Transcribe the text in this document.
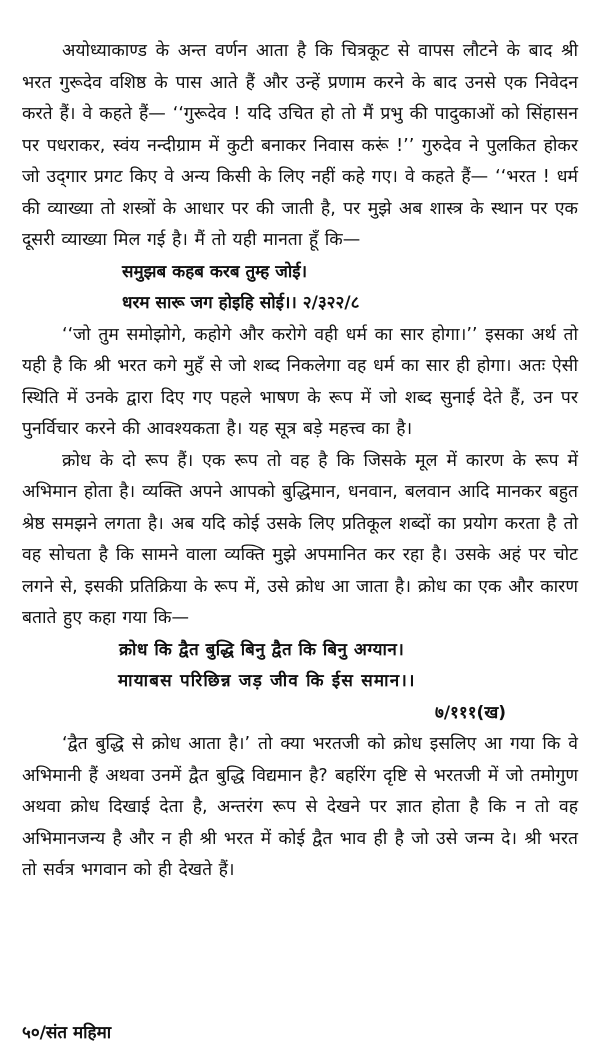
अयोध्याकाण्ड के अन्त वर्णन आता है कि चित्रकूट से वापस लौटने के बाद श्री भरत गुरूदेव वशिष्ठ के पास आते हैं और उन्हें प्रणाम करने के बाद उनसे एक निवेदन करते हैं। वे कहते हैं— ‘‘गुरूदेव ! यदि उचित हो तो मैं प्रभु की पादुकाओं को सिंहासन पर पधराकर, स्वंय नन्दीग्राम में कुटी बनाकर निवास करूं !’’ गुरुदेव ने पुलकित होकर जो उद्‌गार प्रगट किए वे अन्य किसी के लिए नहीं कहे गए। वे कहते हैं— ‘‘भरत ! धर्म की व्याख्या तो शस्त्रों के आधार पर की जाती है, पर मुझे अब शास्त्र के स्थान पर एक दूसरी व्याख्या मिल गई है। मैं तो यही मानता हूँ कि—

समुझब कहब करब तुम्ह जोई।

धरम सारू जग होइहि सोई।। २/३२२/८

‘‘जो तुम समोझोगे, कहोगे और करोगे वही धर्म का सार होगा।’’ इसका अर्थ तो यही है कि श्री भरत कगे मुहँ से जो शब्द निकलेगा वह धर्म का सार ही होगा। अतः ऐसी स्थिति में उनके द्वारा दिए गए पहले भाषण के रूप में जो शब्द सुनाई देते हैं, उन पर पुनर्विचार करने की आवश्यकता है। यह सूत्र बड़े महत्त्व का है।

क्रोध के दो रूप हैं। एक रूप तो वह है कि जिसके मूल में कारण के रूप में अभिमान होता है। व्यक्ति अपने आपको बुद्धिमान, धनवान, बलवान आदि मानकर बहुत श्रेष्ठ समझने लगता है। अब यदि कोई उसके लिए प्रतिकूल शब्दों का प्रयोग करता है तो वह सोचता है कि सामने वाला व्यक्ति मुझे अपमानित कर रहा है। उसके अहं पर चोट लगने से, इसकी प्रतिक्रिया के रूप में, उसे क्रोध आ जाता है। क्रोध का एक और कारण बताते हुए कहा गया कि—

क्रोध कि द्वैत बुद्धि बिनु द्वैत कि बिनु अग्यान।

मायाबस परिछिन्न जड़ जीव कि ईस समान।।

७/१११(ख)

‘द्वैत बुद्धि से क्रोध आता है।’ तो क्या भरतजी को क्रोध इसलिए आ गया कि वे अभिमानी हैं अथवा उनमें द्वैत बुद्धि विद्यमान है? बहरिंग दृष्टि से भरतजी में जो तमोगुण अथवा क्रोध दिखाई देता है, अन्तरंग रूप से देखने पर ज्ञात होता है कि न तो वह अभिमानजन्य है और न ही श्री भरत में कोई द्वैत भाव ही है जो उसे जन्म दे। श्री भरत तो सर्वत्र भगवान को ही देखते हैं।

५०/संत महिमा
